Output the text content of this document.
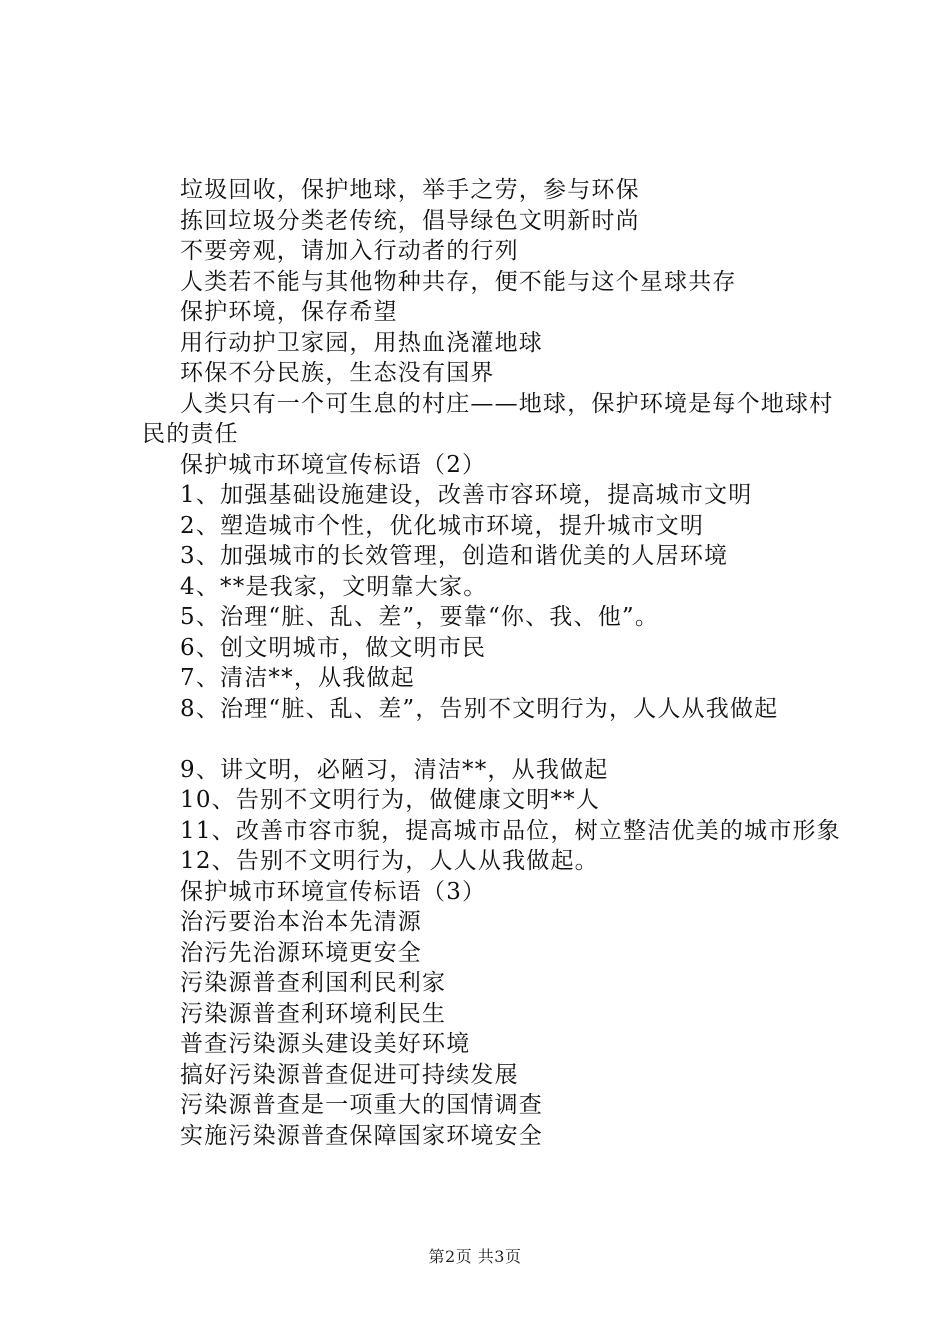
垃圾回收，保护地球，举手之劳，参与环保
拣回垃圾分类老传统，倡导绿色文明新时尚
不要旁观，请加入行动者的行列
人类若不能与其他物种共存，便不能与这个星球共存
保护环境，保存希望
用行动护卫家园，用热血浇灌地球
环保不分民族，生态没有国界
人类只有一个可生息的村庄——地球，保护环境是每个地球村民的责任
保护城市环境宣传标语（2）
1、加强基础设施建设，改善市容环境，提高城市文明
2、塑造城市个性，优化城市环境，提升城市文明
3、加强城市的长效管理，创造和谐优美的人居环境
4、**是我家，文明靠大家。
5、治理“脏、乱、差”，要靠“你、我、他”。
6、创文明城市，做文明市民
7、清洁**，从我做起
8、治理“脏、乱、差”，告别不文明行为，人人从我做起
9、讲文明，必陋习，清洁**，从我做起
10、告别不文明行为，做健康文明**人
11、改善市容市貌，提高城市品位，树立整洁优美的城市形象
12、告别不文明行为，人人从我做起。
保护城市环境宣传标语（3）
治污要治本治本先清源
治污先治源环境更安全
污染源普查利国利民利家
污染源普查利环境利民生
普查污染源头建设美好环境
搞好污染源普查促进可持续发展
污染源普查是一项重大的国情调查
实施污染源普查保障国家环境安全
第2页 共3页
